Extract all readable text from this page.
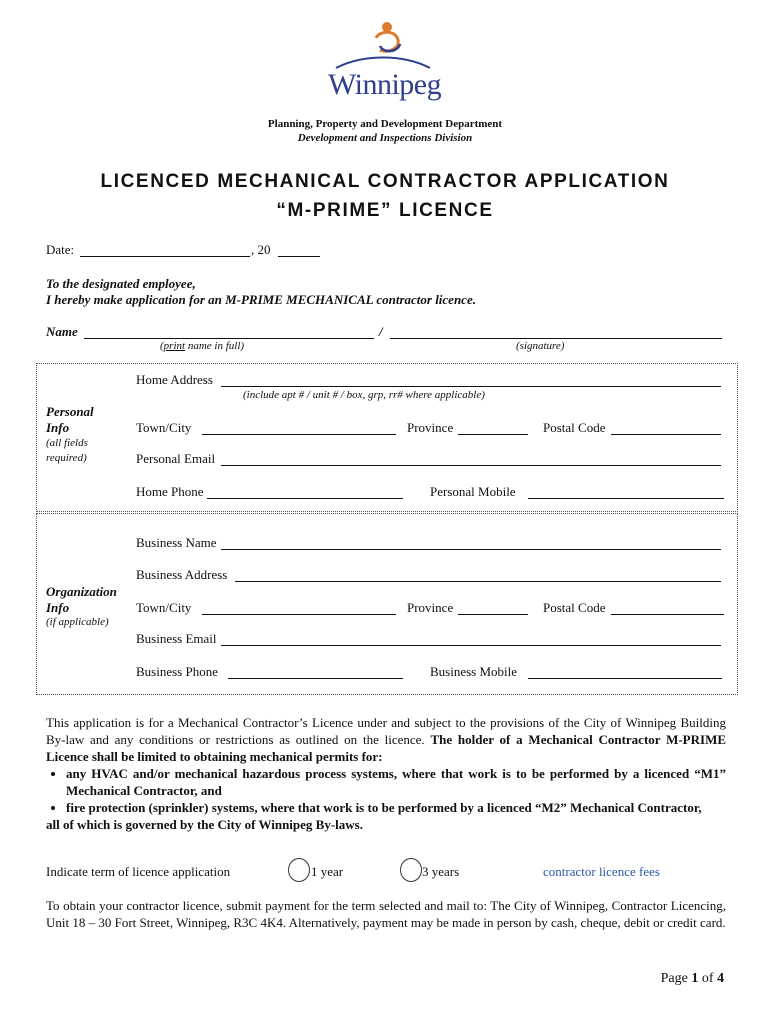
Winnipeg
Planning, Property and Development Department
Development and Inspections Division
LICENCED MECHANICAL CONTRACTOR APPLICATION
“M-PRIME” LICENCE
Date:	, 20
To the designated employee,
I hereby make application for an M-PRIME MECHANICAL contractor licence.
Name	/
(print name in full)	(signature)
Personal
Info
(all fields
required)
Home Address
(include apt # / unit # / box, grp, rr# where applicable)
Town/City	Province	Postal Code
Personal Email
Home Phone	Personal Mobile
Organization
Info
(if applicable)
Business Name
Business Address
Town/City	Province	Postal Code
Business Email
Business Phone	Business Mobile
This application is for a Mechanical Contractor’s Licence under and subject to the provisions of the City of Winnipeg Building By-law and any conditions or restrictions as outlined on the licence. The holder of a Mechanical Contractor M-PRIME Licence shall be limited to obtaining mechanical permits for:
• any HVAC and/or mechanical hazardous process systems, where that work is to be performed by a licenced “M1” Mechanical Contractor, and
• fire protection (sprinkler) systems, where that work is to be performed by a licenced “M2” Mechanical Contractor,
all of which is governed by the City of Winnipeg By-laws.
Indicate term of licence application	1 year	3 years	contractor licence fees
To obtain your contractor licence, submit payment for the term selected and mail to: The City of Winnipeg, Contractor Licencing, Unit 18 – 30 Fort Street, Winnipeg, R3C 4K4. Alternatively, payment may be made in person by cash, cheque, debit or credit card.
Page 1 of 4
